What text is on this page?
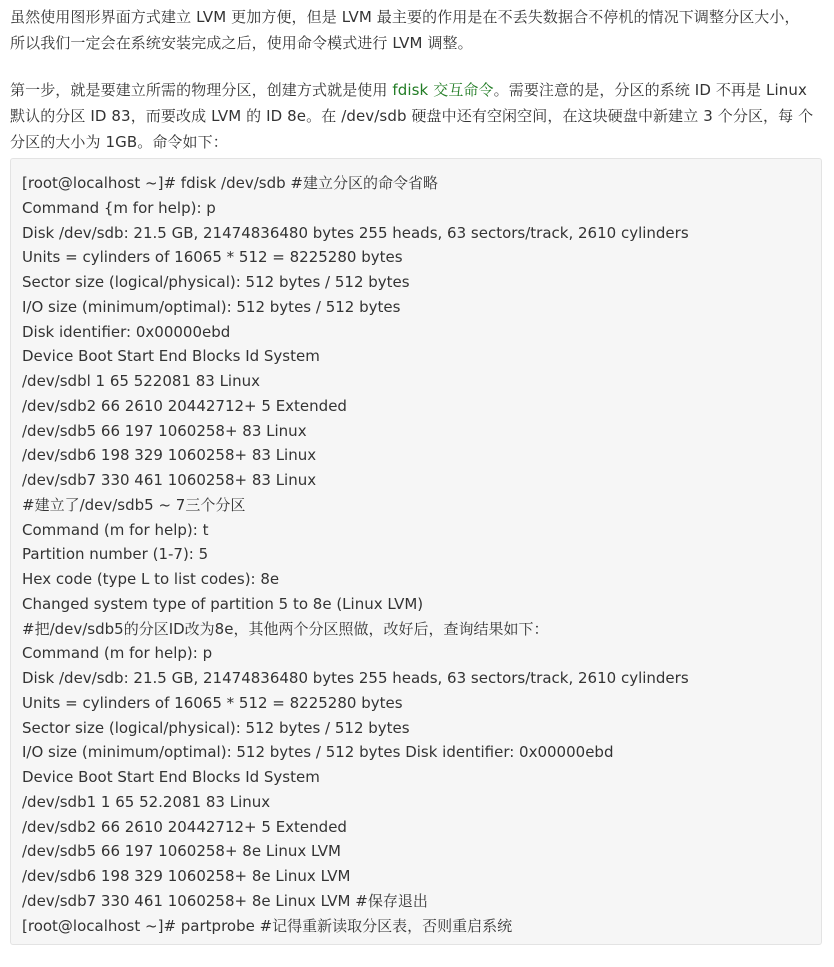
虽然使用图形界面方式建立 LVM 更加方便，但是 LVM 最主要的作用是在不丢失数据合不停机的情况下调整分区大小，
所以我们一定会在系统安装完成之后，使用命令模式进行 LVM 调整。
第一步，就是要建立所需的物理分区，创建方式就是使用 fdisk 交互命令。需要注意的是，分区的系统 ID 不再是 Linux
默认的分区 ID 83，而要改成 LVM 的 ID 8e。在 /dev/sdb 硬盘中还有空闲空间，在这块硬盘中新建立 3 个分区，每 个
分区的大小为 1GB。命令如下：
[root@localhost ~]# fdisk /dev/sdb #建立分区的命令省略
Command {m for help): p
Disk /dev/sdb: 21.5 GB, 21474836480 bytes 255 heads, 63 sectors/track, 2610 cylinders
Units = cylinders of 16065 * 512 = 8225280 bytes
Sector size (logical/physical): 512 bytes / 512 bytes
I/O size (minimum/optimal): 512 bytes / 512 bytes
Disk identifier: 0x00000ebd
Device Boot Start End Blocks Id System
/dev/sdbl 1 65 522081 83 Linux
/dev/sdb2 66 2610 20442712+ 5 Extended
/dev/sdb5 66 197 1060258+ 83 Linux
/dev/sdb6 198 329 1060258+ 83 Linux
/dev/sdb7 330 461 1060258+ 83 Linux
#建立了/dev/sdb5 ~ 7三个分区
Command (m for help): t
Partition number (1-7): 5
Hex code (type L to list codes): 8e
Changed system type of partition 5 to 8e (Linux LVM)
#把/dev/sdb5的分区ID改为8e，其他两个分区照做，改好后，查询结果如下：
Command (m for help): p
Disk /dev/sdb: 21.5 GB, 21474836480 bytes 255 heads, 63 sectors/track, 2610 cylinders
Units = cylinders of 16065 * 512 = 8225280 bytes
Sector size (logical/physical): 512 bytes / 512 bytes
I/O size (minimum/optimal): 512 bytes / 512 bytes Disk identifier: 0x00000ebd
Device Boot Start End Blocks Id System
/dev/sdb1 1 65 52.2081 83 Linux
/dev/sdb2 66 2610 20442712+ 5 Extended
/dev/sdb5 66 197 1060258+ 8e Linux LVM
/dev/sdb6 198 329 1060258+ 8e Linux LVM
/dev/sdb7 330 461 1060258+ 8e Linux LVM #保存退出
[root@localhost ~]# partprobe #记得重新读取分区表，否则重启系统
